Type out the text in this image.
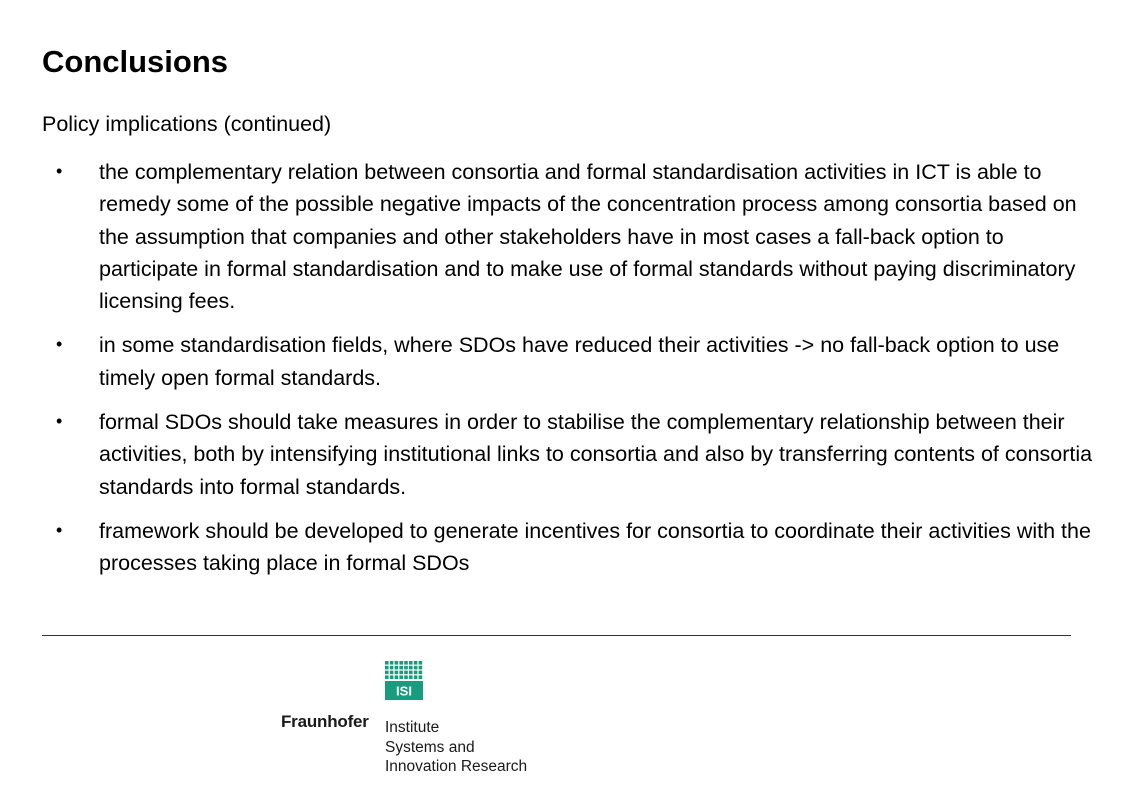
Conclusions
Policy implications (continued)
•	the complementary relation between consortia and formal standardisation activities in ICT is able to remedy some of the possible negative impacts of the concentration process among consortia based on the assumption that companies and other stakeholders have in most cases a fall-back option to participate in formal standardisation and to make use of formal standards without paying discriminatory licensing fees.
•	in some standardisation fields, where SDOs have reduced their activities -> no fall-back option to use timely open formal standards.
•	formal SDOs should take measures in order to stabilise the complementary relationship between their activities, both by intensifying institutional links to consortia and also by transferring contents of consortia standards into formal standards.
•	framework should be developed to generate incentives for consortia to coordinate their activities with the processes taking place in formal SDOs
ISI
Fraunhofer Institute
Systems and
Innovation Research
